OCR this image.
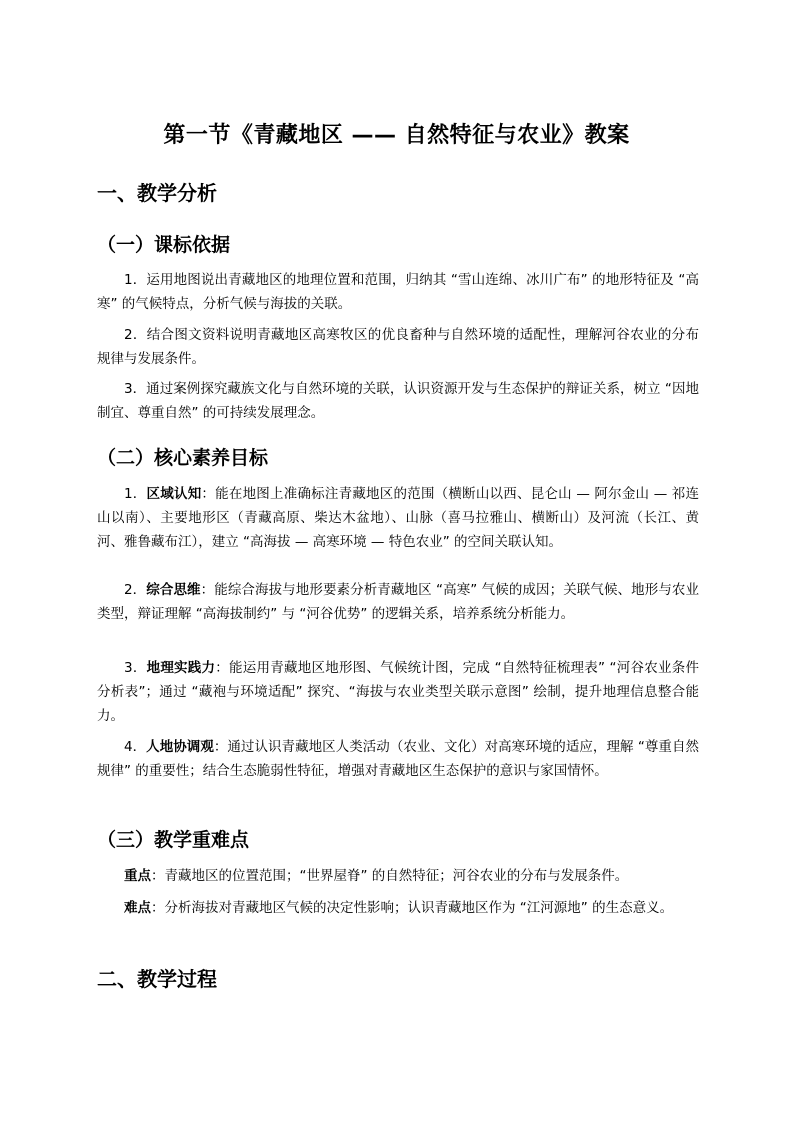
第一节《青藏地区 —— 自然特征与农业》教案
一、教学分析
（一）课标依据

1．运用地图说出青藏地区的地理位置和范围，归纳其 “雪山连绵、冰川广布” 的地形特征及 “高寒” 的气候特点，分析气候与海拔的关联。

2．结合图文资料说明青藏地区高寒牧区的优良畜种与自然环境的适配性，理解河谷农业的分布规律与发展条件。

3．通过案例探究藏族文化与自然环境的关联，认识资源开发与生态保护的辩证关系，树立 “因地制宜、尊重自然” 的可持续发展理念。

（二）核心素养目标

1．区域认知：能在地图上准确标注青藏地区的范围（横断山以西、昆仑山 — 阿尔金山 — 祁连山以南）、主要地形区（青藏高原、柴达木盆地）、山脉（喜马拉雅山、横断山）及河流（长江、黄河、雅鲁藏布江），建立 “高海拔 — 高寒环境 — 特色农业” 的空间关联认知。

2．综合思维：能综合海拔与地形要素分析青藏地区 “高寒” 气候的成因；关联气候、地形与农业类型，辩证理解 “高海拔制约” 与 “河谷优势” 的逻辑关系，培养系统分析能力。

3．地理实践力：能运用青藏地区地形图、气候统计图，完成 “自然特征梳理表” “河谷农业条件分析表”；通过 “藏袍与环境适配” 探究、“海拔与农业类型关联示意图” 绘制，提升地理信息整合能力。

4．人地协调观：通过认识青藏地区人类活动（农业、文化）对高寒环境的适应，理解 “尊重自然规律” 的重要性；结合生态脆弱性特征，增强对青藏地区生态保护的意识与家国情怀。

（三）教学重难点

重点：青藏地区的位置范围；“世界屋脊” 的自然特征；河谷农业的分布与发展条件。

难点：分析海拔对青藏地区气候的决定性影响；认识青藏地区作为 “江河源地” 的生态意义。

二、教学过程
